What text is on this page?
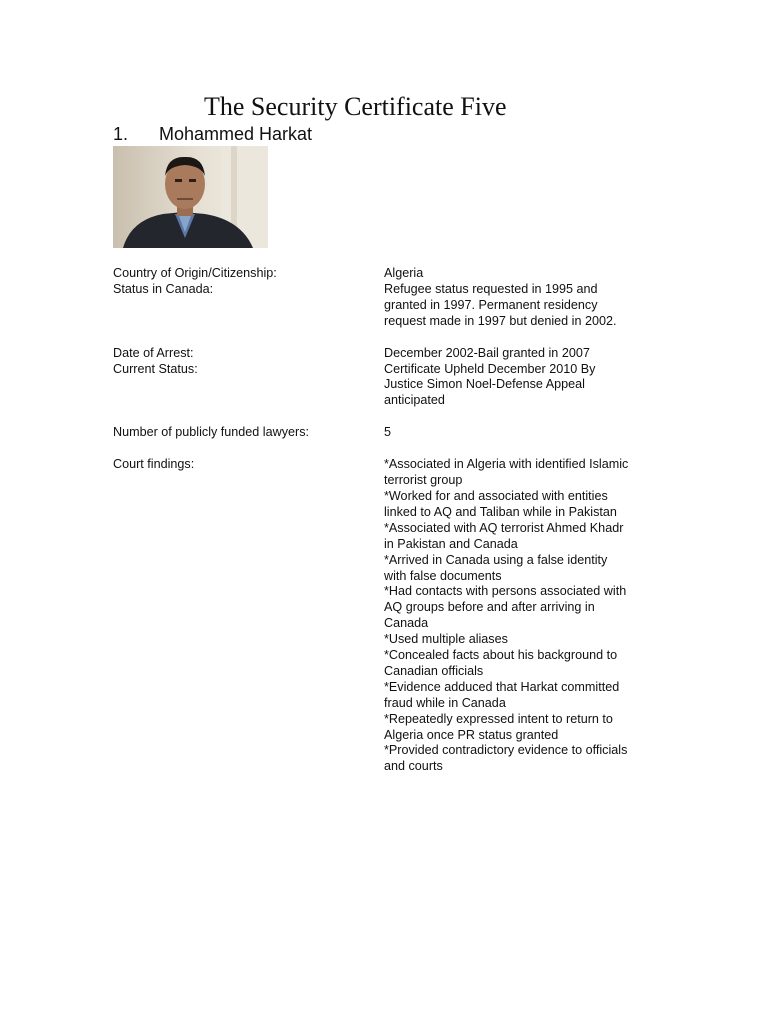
The Security Certificate Five
1. Mohammed Harkat
Country of Origin/Citizenship:	Algeria
Status in Canada:	Refugee status requested in 1995 and
granted in 1997. Permanent residency
request made in 1997 but denied in 2002.
Date of Arrest:	December 2002-Bail granted in 2007
Current Status:	Certificate Upheld December 2010 By
Justice Simon Noel-Defense Appeal
anticipated
Number of publicly funded lawyers:	5
Court findings:	*Associated in Algeria with identified Islamic
terrorist group
*Worked for and associated with entities
linked to AQ and Taliban while in Pakistan
*Associated with AQ terrorist Ahmed Khadr
in Pakistan and Canada
*Arrived in Canada using a false identity
with false documents
*Had contacts with persons associated with
AQ groups before and after arriving in
Canada
*Used multiple aliases
*Concealed facts about his background to
Canadian officials
*Evidence adduced that Harkat committed
fraud while in Canada
*Repeatedly expressed intent to return to
Algeria once PR status granted
*Provided contradictory evidence to officials
and courts
